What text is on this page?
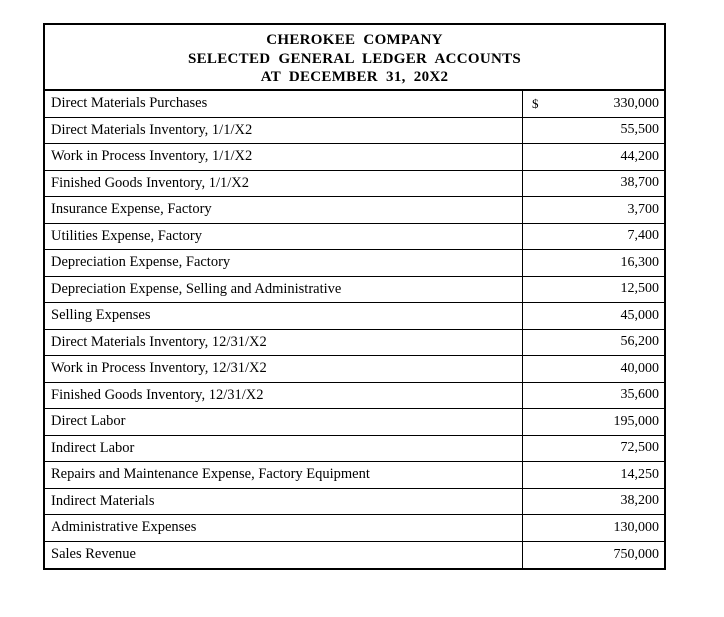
CHEROKEE  COMPANY
SELECTED  GENERAL  LEDGER  ACCOUNTS
AT  DECEMBER  31,  20X2
Direct Materials Purchases	$	330,000
Direct Materials Inventory, 1/1/X2	55,500
Work in Process Inventory, 1/1/X2	44,200
Finished Goods Inventory, 1/1/X2	38,700
Insurance Expense, Factory	3,700
Utilities Expense, Factory	7,400
Depreciation Expense, Factory	16,300
Depreciation Expense, Selling and Administrative	12,500
Selling Expenses	45,000
Direct Materials Inventory, 12/31/X2	56,200
Work in Process Inventory, 12/31/X2	40,000
Finished Goods Inventory, 12/31/X2	35,600
Direct Labor	195,000
Indirect Labor	72,500
Repairs and Maintenance Expense, Factory Equipment	14,250
Indirect Materials	38,200
Administrative Expenses	130,000
Sales Revenue	750,000
